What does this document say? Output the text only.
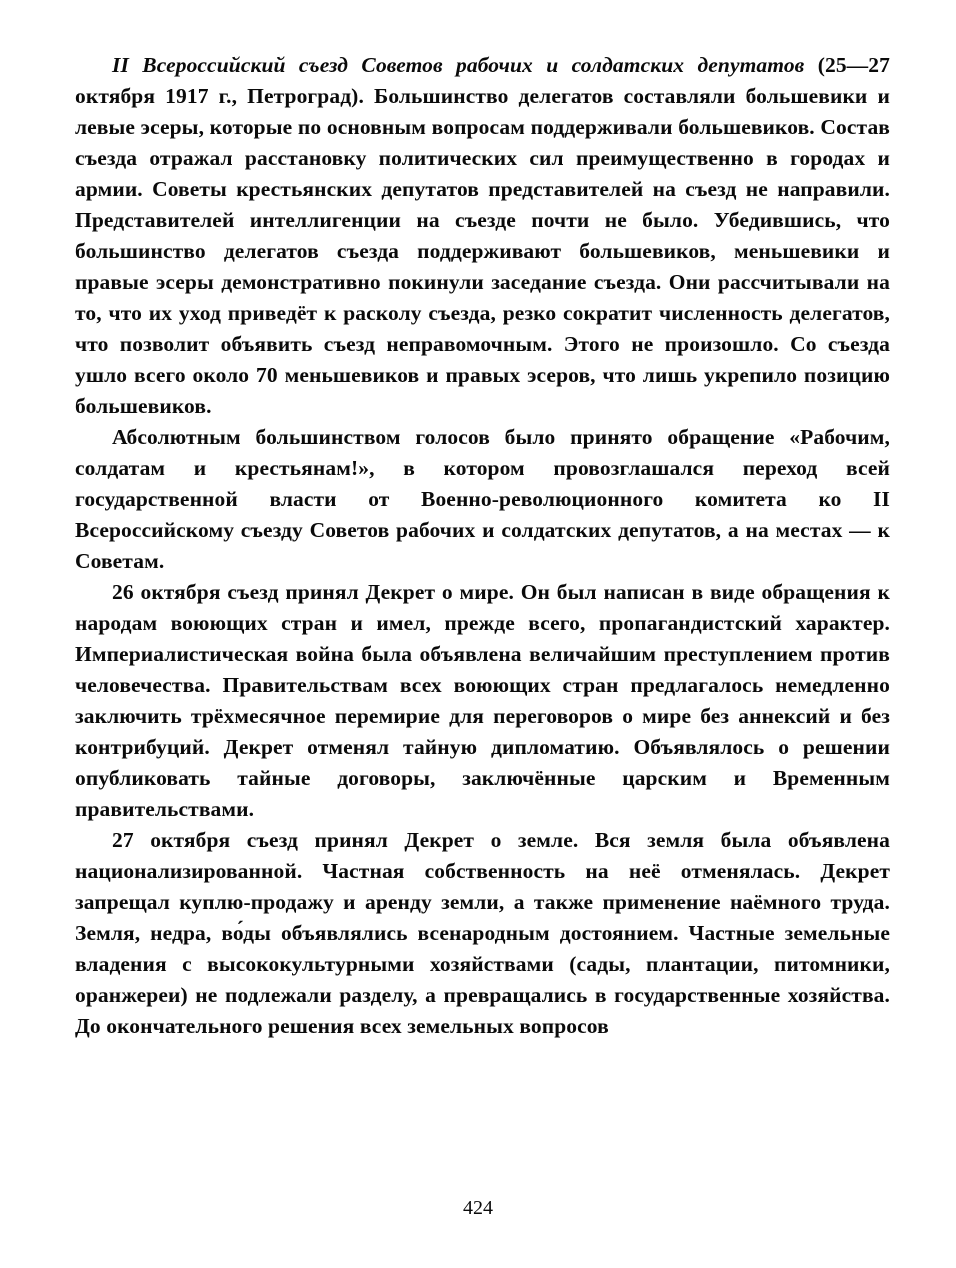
II Всероссийский съезд Советов рабочих и солдатских депутатов (25—27 октября 1917 г., Петроград). Большинство делегатов составляли большевики и левые эсеры, которые по основным вопросам поддерживали большевиков. Состав съезда отражал расстановку политических сил преимущественно в городах и армии. Советы крестьянских депутатов представителей на съезд не направили. Представителей интеллигенции на съезде почти не было. Убедившись, что большинство делегатов съезда поддерживают большевиков, меньшевики и правые эсеры демонстративно покинули заседание съезда. Они рассчитывали на то, что их уход приведёт к расколу съезда, резко сократит численность делегатов, что позволит объявить съезд неправомочным. Этого не произошло. Со съезда ушло всего около 70 меньшевиков и правых эсеров, что лишь укрепило позицию большевиков.

Абсолютным большинством голосов было принято обращение «Рабочим, солдатам и крестьянам!», в котором провозглашался переход всей государственной власти от Военно-революционного комитета ко II Всероссийскому съезду Советов рабочих и солдатских депутатов, а на местах — к Советам.

26 октября съезд принял Декрет о мире. Он был написан в виде обращения к народам воюющих стран и имел, прежде всего, пропагандистский характер. Империалистическая война была объявлена величайшим преступлением против человечества. Правительствам всех воюющих стран предлагалось немедленно заключить трёхмесячное перемирие для переговоров о мире без аннексий и без контрибуций. Декрет отменял тайную дипломатию. Объявлялось о решении опубликовать тайные договоры, заключённые царским и Временным правительствами.

27 октября съезд принял Декрет о земле. Вся земля была объявлена национализированной. Частная собственность на неё отменялась. Декрет запрещал куплю-продажу и аренду земли, а также применение наёмного труда. Земля, недра, во́ды объявлялись всенародным достоянием. Частные земельные владения с высококультурными хозяйствами (сады, плантации, питомники, оранжереи) не подлежали разделу, а превращались в государственные хозяйства. До окончательного решения всех земельных вопросов

424
